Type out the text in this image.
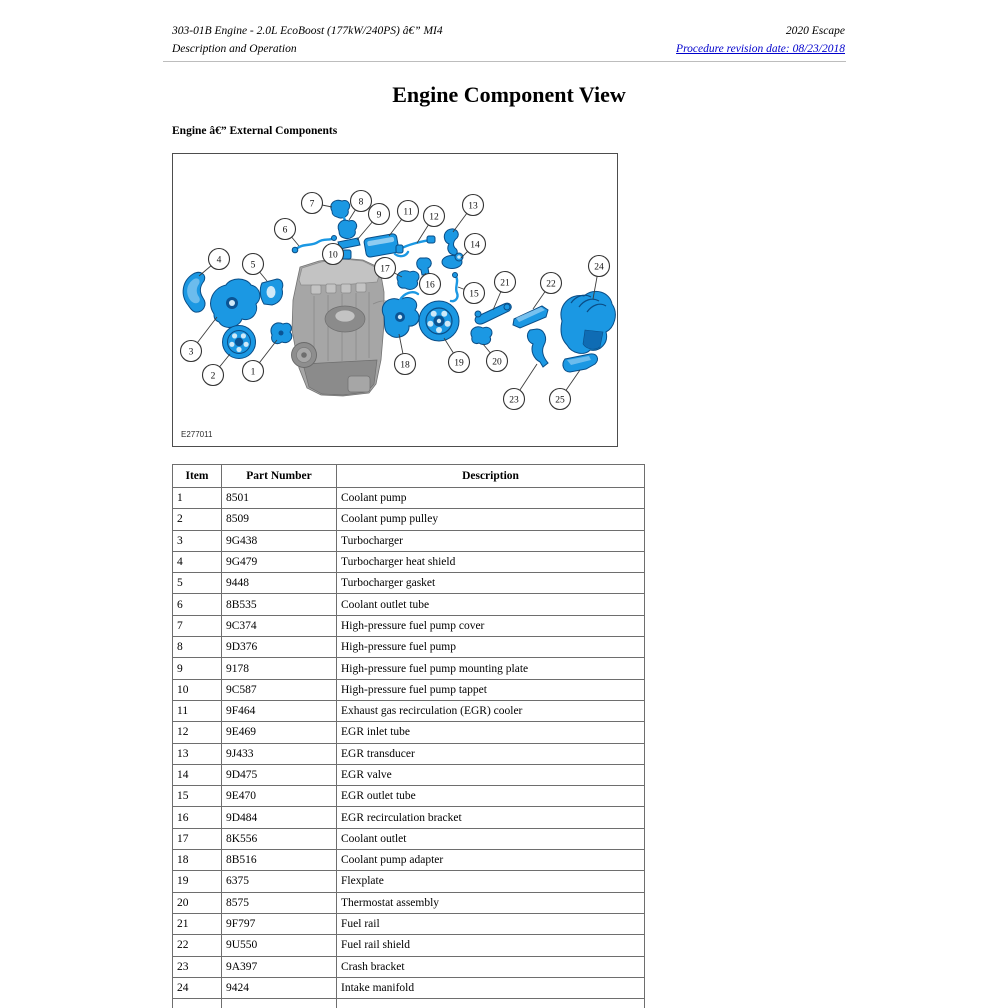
303-01B Engine - 2.0L EcoBoost (177kW/240PS) â€” MI4
Description and Operation
2020 Escape
Procedure revision date: 08/23/2018
Engine Component View
Engine â€” External Components
1
2
3
4	5
6
7	8
9
10
11 12
13
14
15
16
17
18	19	20
21	22
23
24
25
E277011
Item	Part Number	Description
1	8501	Coolant pump
2	8509	Coolant pump pulley
3	9G438	Turbocharger
4	9G479	Turbocharger heat shield
5	9448	Turbocharger gasket
6	8B535	Coolant outlet tube
7	9C374	High-pressure fuel pump cover
8	9D376	High-pressure fuel pump
9	9178	High-pressure fuel pump mounting plate
10	9C587	High-pressure fuel pump tappet
11	9F464	Exhaust gas recirculation (EGR) cooler
12	9E469	EGR inlet tube
13	9J433	EGR transducer
14	9D475	EGR valve
15	9E470	EGR outlet tube
16	9D484	EGR recirculation bracket
17	8K556	Coolant outlet
18	8B516	Coolant pump adapter
19	6375	Flexplate
20	8575	Thermostat assembly
21	9F797	Fuel rail
22	9U550	Fuel rail shield
23	9A397	Crash bracket
24	9424	Intake manifold
